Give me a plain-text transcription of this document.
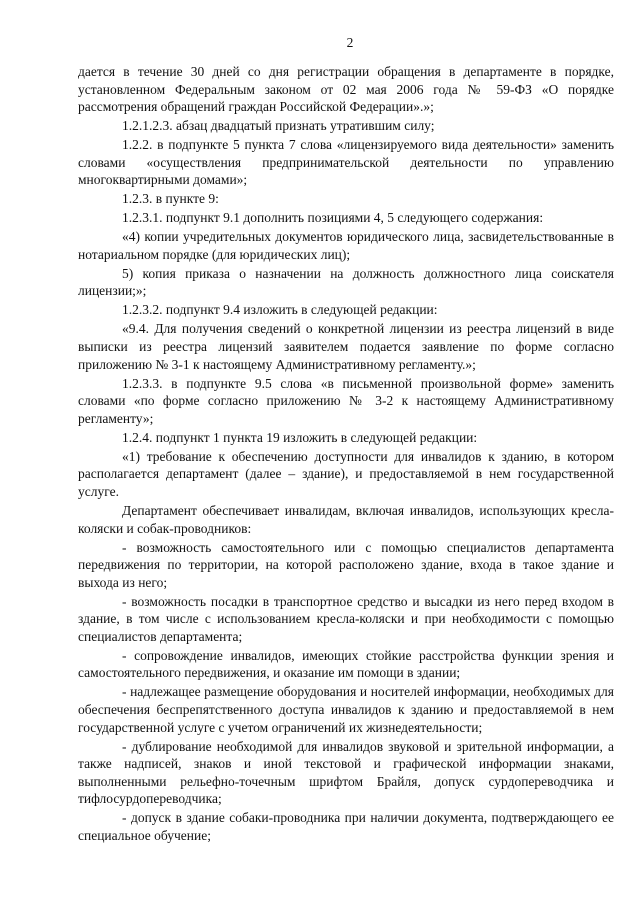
2

дается в течение 30 дней со дня регистрации обращения в департаменте в порядке, установленном Федеральным законом от 02 мая 2006 года № 59-ФЗ «О порядке рассмотрения обращений граждан Российской Федерации».»;

1.2.1.2.3. абзац двадцатый признать утратившим силу;

1.2.2. в подпункте 5 пункта 7 слова «лицензируемого вида деятельности» заменить словами «осуществления предпринимательской деятельности по управлению многоквартирными домами»;

1.2.3. в пункте 9:

1.2.3.1. подпункт 9.1 дополнить позициями 4, 5 следующего содержания:

«4) копии учредительных документов юридического лица, засвидетельствованные в нотариальном порядке (для юридических лиц);

5) копия приказа о назначении на должность должностного лица соискателя лицензии;»;

1.2.3.2. подпункт 9.4 изложить в следующей редакции:

«9.4. Для получения сведений о конкретной лицензии из реестра лицензий в виде выписки из реестра лицензий заявителем подается заявление по форме согласно приложению № 3-1 к настоящему Административному регламенту.»;

1.2.3.3. в подпункте 9.5 слова «в письменной произвольной форме» заменить словами «по форме согласно приложению № 3-2 к настоящему Административному регламенту»;

1.2.4. подпункт 1 пункта 19 изложить в следующей редакции:

«1) требование к обеспечению доступности для инвалидов к зданию, в котором располагается департамент (далее – здание), и предоставляемой в нем государственной услуге.

Департамент обеспечивает инвалидам, включая инвалидов, использующих кресла-коляски и собак-проводников:

- возможность самостоятельного или с помощью специалистов департамента передвижения по территории, на которой расположено здание, входа в такое здание и выхода из него;

- возможность посадки в транспортное средство и высадки из него перед входом в здание, в том числе с использованием кресла-коляски и при необходимости с помощью специалистов департамента;

- сопровождение инвалидов, имеющих стойкие расстройства функции зрения и самостоятельного передвижения, и оказание им помощи в здании;

- надлежащее размещение оборудования и носителей информации, необходимых для обеспечения беспрепятственного доступа инвалидов к зданию и предоставляемой в нем государственной услуге с учетом ограничений их жизнедеятельности;

- дублирование необходимой для инвалидов звуковой и зрительной информации, а также надписей, знаков и иной текстовой и графической информации знаками, выполненными рельефно-точечным шрифтом Брайля, допуск сурдопереводчика и тифлосурдопереводчика;

- допуск в здание собаки-проводника при наличии документа, подтверждающего ее специальное обучение;
